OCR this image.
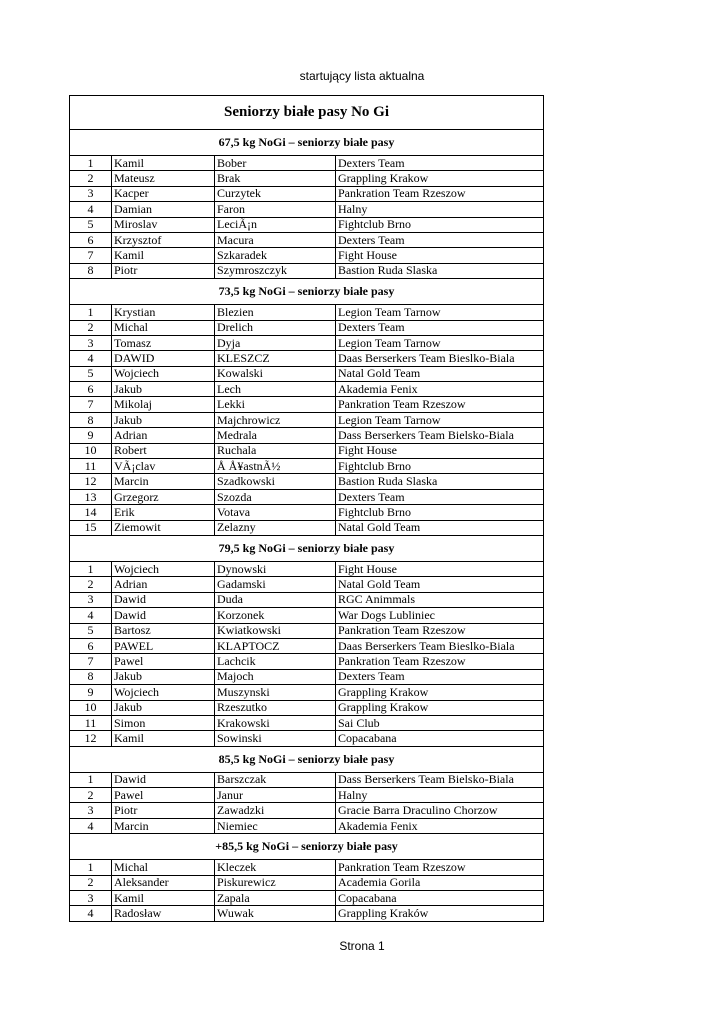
startujący lista aktualna
Seniorzy białe pasy No Gi			
67,5 kg NoGi – seniorzy białe pasy			
1	Kamil	Bober	Dexters Team
2	Mateusz	Brak	Grappling Krakow
3	Kacper	Curzytek	Pankration Team Rzeszow
4	Damian	Faron	Halny
5	Miroslav	LeciÃ¡n	Fightclub Brno
6	Krzysztof	Macura	Dexters Team
7	Kamil	Szkaradek	Fight House
8	Piotr	Szymroszczyk	Bastion Ruda Slaska
73,5 kg NoGi – seniorzy białe pasy			
1	Krystian	Blezien	Legion Team Tarnow
2	Michal	Drelich	Dexters Team
3	Tomasz	Dyja	Legion Team Tarnow
4	DAWID	KLESZCZ	Daas Berserkers Team Bieslko-Biala
5	Wojciech	Kowalski	Natal Gold Team
6	Jakub	Lech	Akademia Fenix
7	Mikolaj	Lekki	Pankration Team Rzeszow
8	Jakub	Majchrowicz	Legion Team Tarnow
9	Adrian	Medrala	Dass Berserkers Team Bielsko-Biala
10	Robert	Ruchala	Fight House
11	VÃ¡clav	Å Å¥astnÃ½	Fightclub Brno
12	Marcin	Szadkowski	Bastion Ruda Slaska
13	Grzegorz	Szozda	Dexters Team
14	Erik	Votava	Fightclub Brno
15	Ziemowit	Zelazny	Natal Gold Team
79,5 kg NoGi – seniorzy białe pasy			
1	Wojciech	Dynowski	Fight House
2	Adrian	Gadamski	Natal Gold Team
3	Dawid	Duda	RGC Animmals
4	Dawid	Korzonek	War Dogs Lubliniec
5	Bartosz	Kwiatkowski	Pankration Team Rzeszow
6	PAWEL	KLAPTOCZ	Daas Berserkers Team Bieslko-Biala
7	Pawel	Lachcik	Pankration Team Rzeszow
8	Jakub	Majoch	Dexters Team
9	Wojciech	Muszynski	Grappling Krakow
10	Jakub	Rzeszutko	Grappling Krakow
11	Simon	Krakowski	Sai Club
12	Kamil	Sowinski	Copacabana
85,5 kg NoGi – seniorzy białe pasy			
1	Dawid	Barszczak	Dass Berserkers Team Bielsko-Biala
2	Pawel	Janur	Halny
3	Piotr	Zawadzki	Gracie Barra Draculino Chorzow
4	Marcin	Niemiec	Akademia Fenix
+85,5 kg NoGi – seniorzy białe pasy			
1	Michal	Kleczek	Pankration Team Rzeszow
2	Aleksander	Piskurewicz	Academia Gorila
3	Kamil	Zapala	Copacabana
4	Radosław	Wuwak	Grappling Kraków
Strona 1
